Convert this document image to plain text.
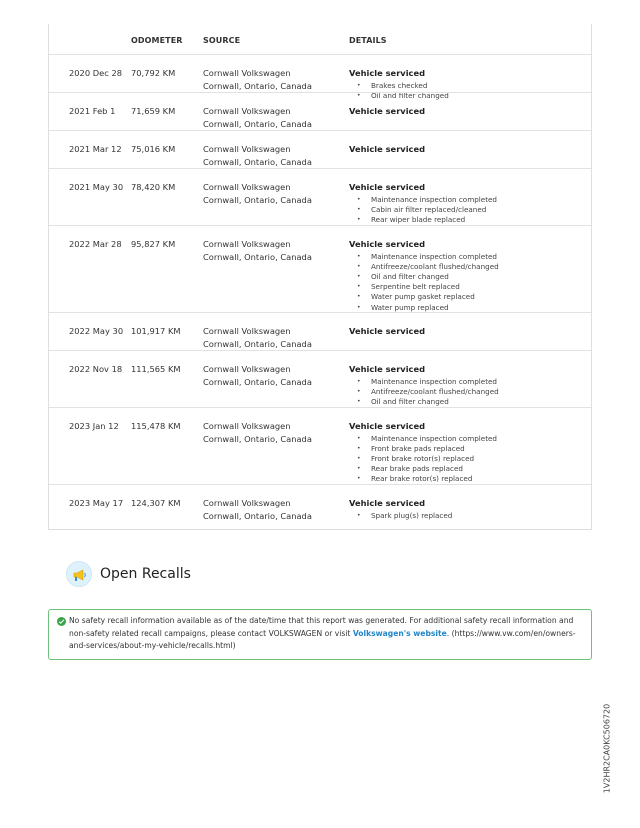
ODOMETER	SOURCE	DETAILS
2020 Dec 28 70,792 KM	Cornwall Volkswagen
Cornwall, Ontario, Canada
Vehicle serviced
• Brakes checked
• Oil and filter changed
2021 Feb 1 71,659 KM	Cornwall Volkswagen
Cornwall, Ontario, Canada
Vehicle serviced
2021 Mar 12 75,016 KM	Cornwall Volkswagen
Cornwall, Ontario, Canada
Vehicle serviced
2021 May 30 78,420 KM	Cornwall Volkswagen
Cornwall, Ontario, Canada
Vehicle serviced
• Maintenance inspection completed
• Cabin air filter replaced/cleaned
• Rear wiper blade replaced
2022 Mar 28 95,827 KM	Cornwall Volkswagen
Cornwall, Ontario, Canada
Vehicle serviced
• Maintenance inspection completed
• Antifreeze/coolant flushed/changed
• Oil and filter changed
• Serpentine belt replaced
• Water pump gasket replaced
• Water pump replaced
2022 May 30 101,917 KM	Cornwall Volkswagen
Cornwall, Ontario, Canada
Vehicle serviced
2022 Nov 18 111,565 KM	Cornwall Volkswagen
Cornwall, Ontario, Canada
Vehicle serviced
• Maintenance inspection completed
• Antifreeze/coolant flushed/changed
• Oil and filter changed
2023 Jan 12 115,478 KM	Cornwall Volkswagen
Cornwall, Ontario, Canada
Vehicle serviced
• Maintenance inspection completed
• Front brake pads replaced
• Front brake rotor(s) replaced
• Rear brake pads replaced
• Rear brake rotor(s) replaced
2023 May 17 124,307 KM	Cornwall Volkswagen
Cornwall, Ontario, Canada
Vehicle serviced
• Spark plug(s) replaced
Open Recalls
No safety recall information available as of the date/time that this report was generated. For additional safety recall information and non-safety related recall campaigns, please contact VOLKSWAGEN or visit Volkswagen's website. (https://www.vw.com/en/owners-and-services/about-my-vehicle/recalls.html)
1V2HR2CA0KC506720
